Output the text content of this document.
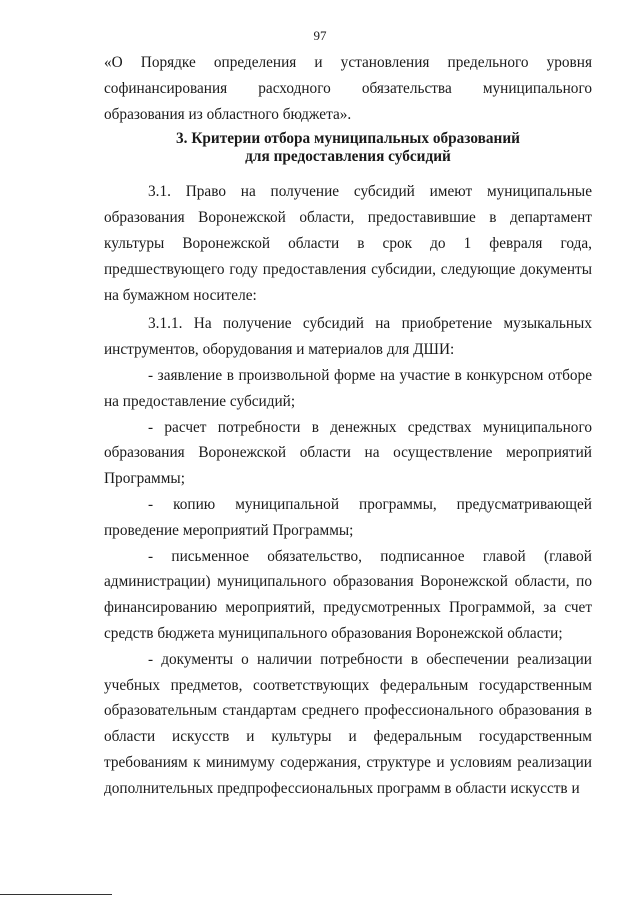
97

«О Порядке определения и установления предельного уровня софинансирования расходного обязательства муниципального образования из областного бюджета».

3. Критерии отбора муниципальных образований
для предоставления субсидий

3.1. Право на получение субсидий имеют муниципальные образования Воронежской области, предоставившие в департамент культуры Воронежской области в срок до 1 февраля года, предшествующего году предоставления субсидии, следующие документы на бумажном носителе:

3.1.1. На получение субсидий на приобретение музыкальных инструментов, оборудования и материалов для ДШИ:

- заявление в произвольной форме на участие в конкурсном отборе на предоставление субсидий;

- расчет потребности в денежных средствах муниципального образования Воронежской области на осуществление мероприятий Программы;

- копию муниципальной программы, предусматривающей проведение мероприятий Программы;

- письменное обязательство, подписанное главой (главой администрации) муниципального образования Воронежской области, по финансированию мероприятий, предусмотренных Программой, за счет средств бюджета муниципального образования Воронежской области;

- документы о наличии потребности в обеспечении реализации учебных предметов, соответствующих федеральным государственным образовательным стандартам среднего профессионального образования в области искусств и культуры и федеральным государственным требованиям к минимуму содержания, структуре и условиям реализации дополнительных предпрофессиональных программ в области искусств и
